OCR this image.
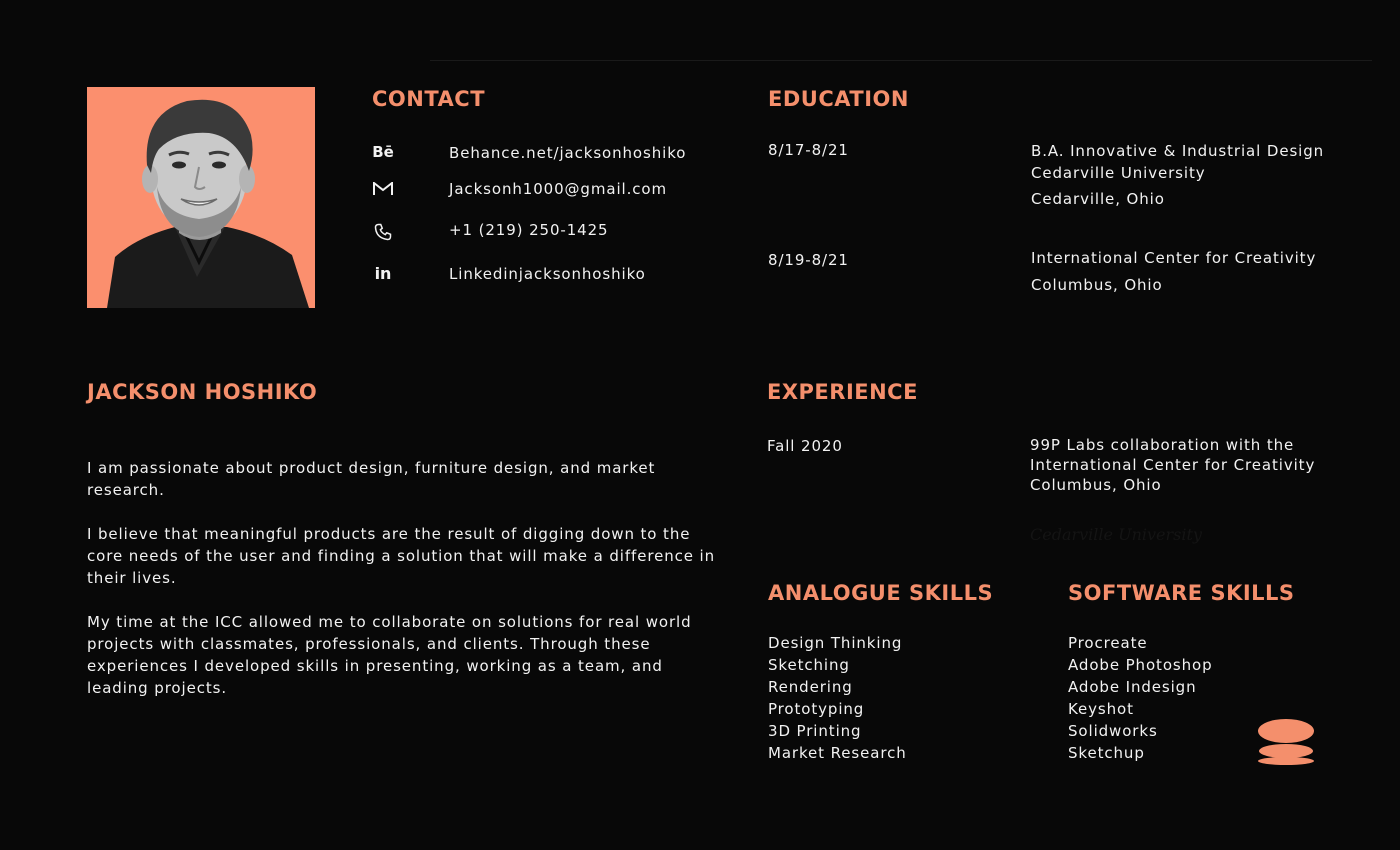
CONTACT
Bē	Behance.net/jacksonhoshiko
Jacksonh1000@gmail.com
+1 (219) 250-1425
in	Linkedinjacksonhoshiko
JACKSON HOSHIKO

I am passionate about product design, furniture design, and market research.

I believe that meaningful products are the result of digging down to the core needs of the user and finding a solution that will make a difference in their lives.

My time at the ICC allowed me to collaborate on solutions for real world projects with classmates, professionals, and clients. Through these experiences I developed skills in presenting, working as a team, and leading projects.

EDUCATION
8/17-8/21	B.A. Innovative & Industrial Design
Cedarville University
Cedarville, Ohio
8/19-8/21	International Center for Creativity
Columbus, Ohio
EXPERIENCE
Fall 2020	99P Labs collaboration with the
International Center for Creativity
Columbus, Ohio
Cedarville University
ANALOGUE SKILLS
Design Thinking
Sketching
Rendering
Prototyping
3D Printing
Market Research
SOFTWARE SKILLS
Procreate
Adobe Photoshop
Adobe Indesign
Keyshot
Solidworks
Sketchup
